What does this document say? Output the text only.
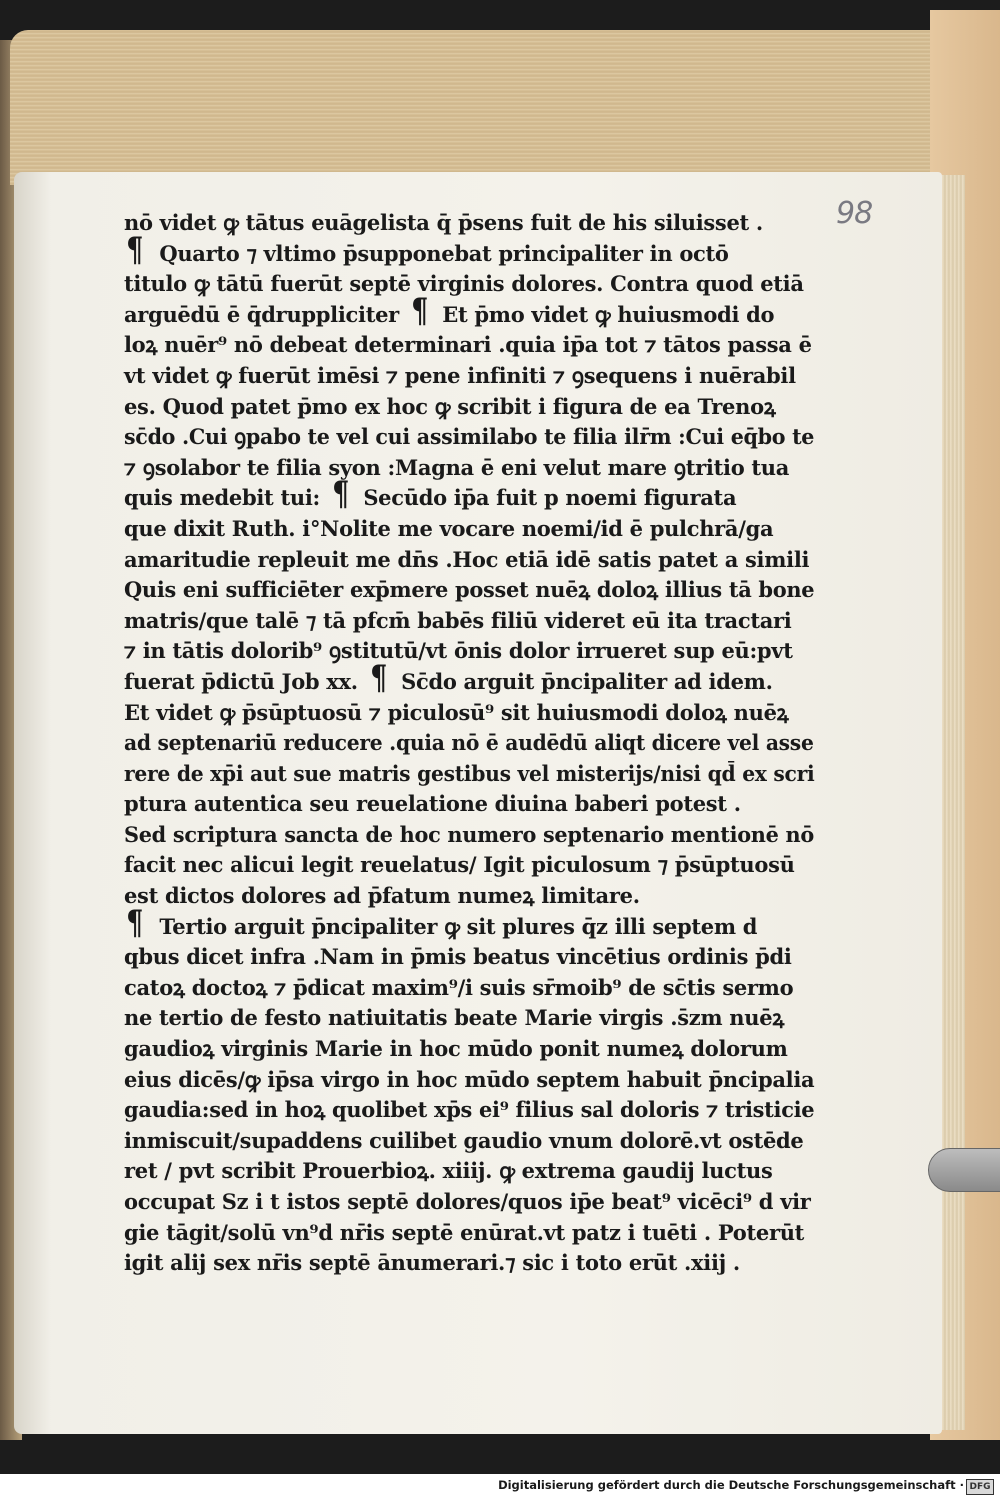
98
nō videt ꝙ tātus euāgelista q̄ p̄sens fuit de his siluisset .
¶ Quarto ⁊ vltimo p̄supponebat principaliter in octō
titulo ꝙ tātū fuerūt septē virginis dolores. Contra quod etiā
arguēdū ē q̄druppliciter ¶ Et p̄mo videt ꝙ huiusmodi do
loꝝ nuēr⁹ nō debeat determinari .quia ip̄a tot ⁊ tātos passa ē
vt videt ꝙ fuerūt imēsi ⁊ pene infiniti ⁊ ꝯsequens i nuērabil
es. Quod patet p̄mo ex hoc ꝙ scribit i figura de ea Trenoꝝ
sc̄do .Cui ꝯpabo te vel cui assimilabo te filia ilr̄m :Cui eq̄bo te
⁊ ꝯsolabor te filia syon :Magna ē eni velut mare ꝯtritio tua
quis medebit tui: ¶ Secūdo ip̄a fuit p noemi figurata
que dixit Ruth. i°Nolite me vocare noemi/id ē pulchrā/ga
amaritudie repleuit me dn̄s .Hoc etiā idē satis patet a simili
Quis eni sufficiēter exp̄mere posset nuēꝝ doloꝝ illius tā bone
matris/que talē ⁊ tā pfcm̄ babēs filiū videret eū ita tractari
⁊ in tātis dolorib⁹ ꝯstitutū/vt ōnis dolor irrueret sup eū:pvt
fuerat p̄dictū Job xx. ¶ Sc̄do arguit p̄ncipaliter ad idem.
Et videt ꝙ p̄sūptuosū ⁊ piculosū⁹ sit huiusmodi doloꝝ nuēꝝ
ad septenariū reducere .quia nō ē audēdū aliqt dicere vel asse
rere de xp̄i aut sue matris gestibus vel misterijs/nisi qd̄ ex scri
ptura autentica seu reuelatione diuina baberi potest .
Sed scriptura sancta de hoc numero septenario mentionē nō
facit nec alicui legit reuelatus/ Igit piculosum ⁊ p̄sūptuosū
est dictos dolores ad p̄fatum numeꝝ limitare.
¶ Tertio arguit p̄ncipaliter ꝙ sit plures q̄z illi septem d
qbus dicet infra .Nam in p̄mis beatus vincētius ordinis p̄di
catoꝝ doctoꝝ ⁊ p̄dicat maxim⁹/i suis sr̄moib⁹ de sc̄tis sermo
ne tertio de festo natiuitatis beate Marie virgis .s̄zm nuēꝝ
gaudioꝝ virginis Marie in hoc mūdo ponit numeꝝ dolorum
eius dicēs/ꝙ ip̄sa virgo in hoc mūdo septem habuit p̄ncipalia
gaudia:sed in hoꝝ quolibet xp̄s ei⁹ filius sal doloris ⁊ tristicie
inmiscuit/supaddens cuilibet gaudio vnum dolorē.vt ostēde
ret / pvt scribit Prouerbioꝝ. xiiij. ꝙ extrema gaudij luctus
occupat Sz i t istos septē dolores/quos ip̄e beat⁹ vicēci⁹ d vir
gie tāgit/solū vn⁹d nr̄is septē enūrat.vt patz i tuēti . Poterūt
igit alij sex nr̄is septē ānumerari.⁊ sic i toto erūt .xiij .
Digitalisierung gefördert durch die Deutsche Forschungsgemeinschaft · DFG
